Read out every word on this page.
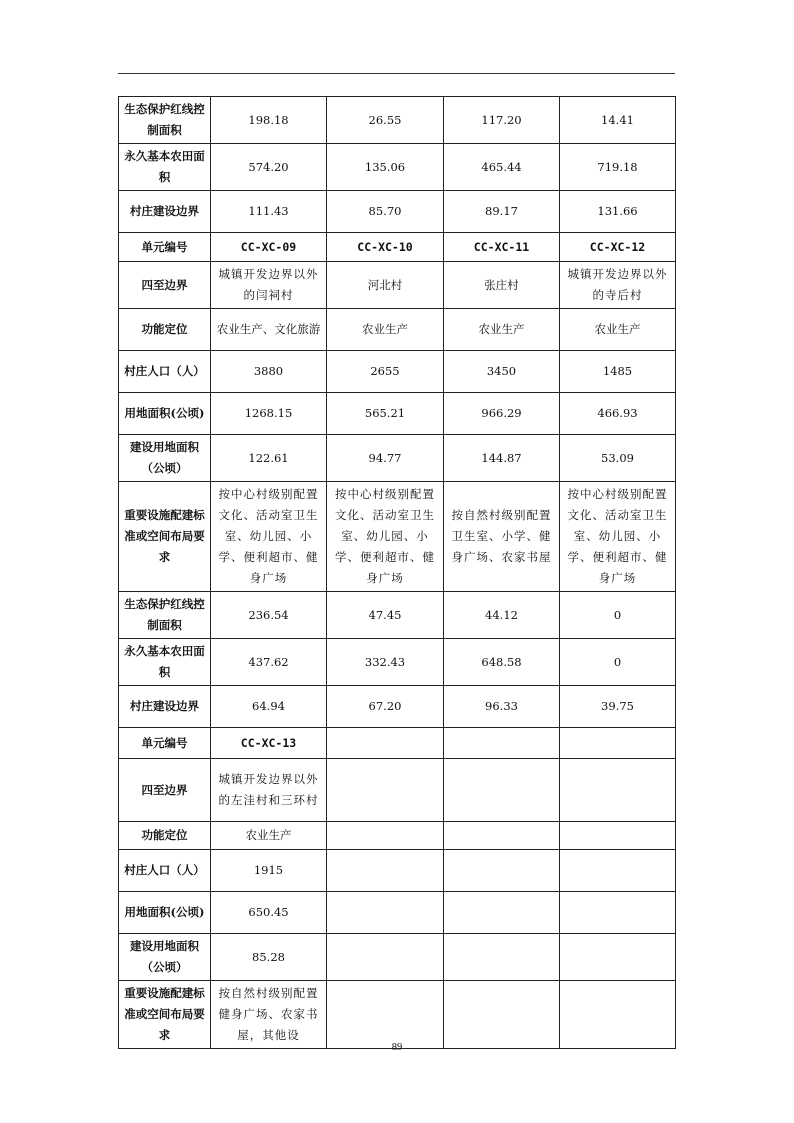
生态保护红线控制面积	198.18	26.55	117.20	14.41
永久基本农田面积	574.20	135.06	465.44	719.18
村庄建设边界	111.43	85.70	89.17	131.66
单元编号	CC-XC-09	CC-XC-10	CC-XC-11	CC-XC-12
四至边界	城镇开发边界以外的闫祠村	河北村	张庄村	城镇开发边界以外的寺后村
功能定位	农业生产、文化旅游	农业生产	农业生产	农业生产
村庄人口（人）	3880	2655	3450	1485
用地面积(公顷)	1268.15	565.21	966.29	466.93
建设用地面积（公顷）	122.61	94.77	144.87	53.09
重要设施配建标准或空间布局要求	按中心村级别配置文化、活动室卫生室、幼儿园、小学、便利超市、健身广场	按中心村级别配置文化、活动室卫生室、幼儿园、小学、便利超市、健身广场	按自然村级别配置卫生室、小学、健身广场、农家书屋	按中心村级别配置文化、活动室卫生室、幼儿园、小学、便利超市、健身广场
生态保护红线控制面积	236.54	47.45	44.12	0
永久基本农田面积	437.62	332.43	648.58	0
村庄建设边界	64.94	67.20	96.33	39.75
单元编号	CC-XC-13			
四至边界	城镇开发边界以外的左洼村和三环村			
功能定位	农业生产			
村庄人口（人）	1915			
用地面积(公顷)	650.45			
建设用地面积（公顷）	85.28			
重要设施配建标准或空间布局要求	按自然村级别配置健身广场、农家书屋，其他设			
89
